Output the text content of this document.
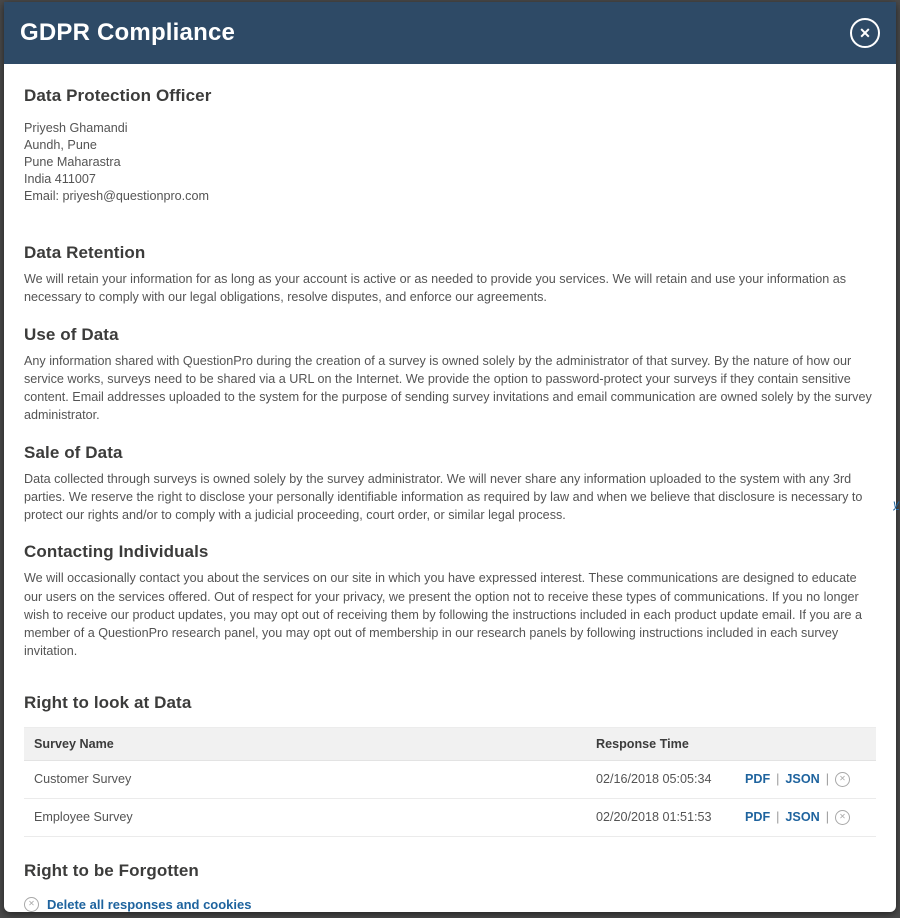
GDPR Compliance	✕
Data Protection Officer
Priyesh Ghamandi
Aundh, Pune
Pune Maharastra
India 411007
Email: priyesh@questionpro.com
Data Retention

We will retain your information for as long as your account is active or as needed to provide you services. We will retain and use your information as necessary to comply with our legal obligations, resolve disputes, and enforce our agreements.

Use of Data

Any information shared with QuestionPro during the creation of a survey is owned solely by the administrator of that survey. By the nature of how our service works, surveys need to be shared via a URL on the Internet. We provide the option to password-protect your surveys if they contain sensitive content. Email addresses uploaded to the system for the purpose of sending survey invitations and email communication are owned solely by the survey administrator.

Sale of Data

Data collected through surveys is owned solely by the survey administrator. We will never share any information uploaded to the system with any 3rd parties. We reserve the right to disclose your personally identifiable information as required by law and when we believe that disclosure is necessary to protect our rights and/or to comply with a judicial proceeding, court order, or similar legal process.

Contacting Individuals

We will occasionally contact you about the services on our site in which you have expressed interest. These communications are designed to educate our users on the services offered. Out of respect for your privacy, we present the option not to receive these types of communications. If you no longer wish to receive our product updates, you may opt out of receiving them by following the instructions included in each product update email. If you are a member of a QuestionPro research panel, you may opt out of membership in our research panels by following instructions included in each survey invitation.

Right to look at Data
Survey Name	Response Time
Customer Survey	02/16/2018 05:05:34	PDF | JSON |	✕
Employee Survey	02/20/2018 01:51:53	PDF | JSON |	✕
Right to be Forgotten
✕ Delete all responses and cookies
y
